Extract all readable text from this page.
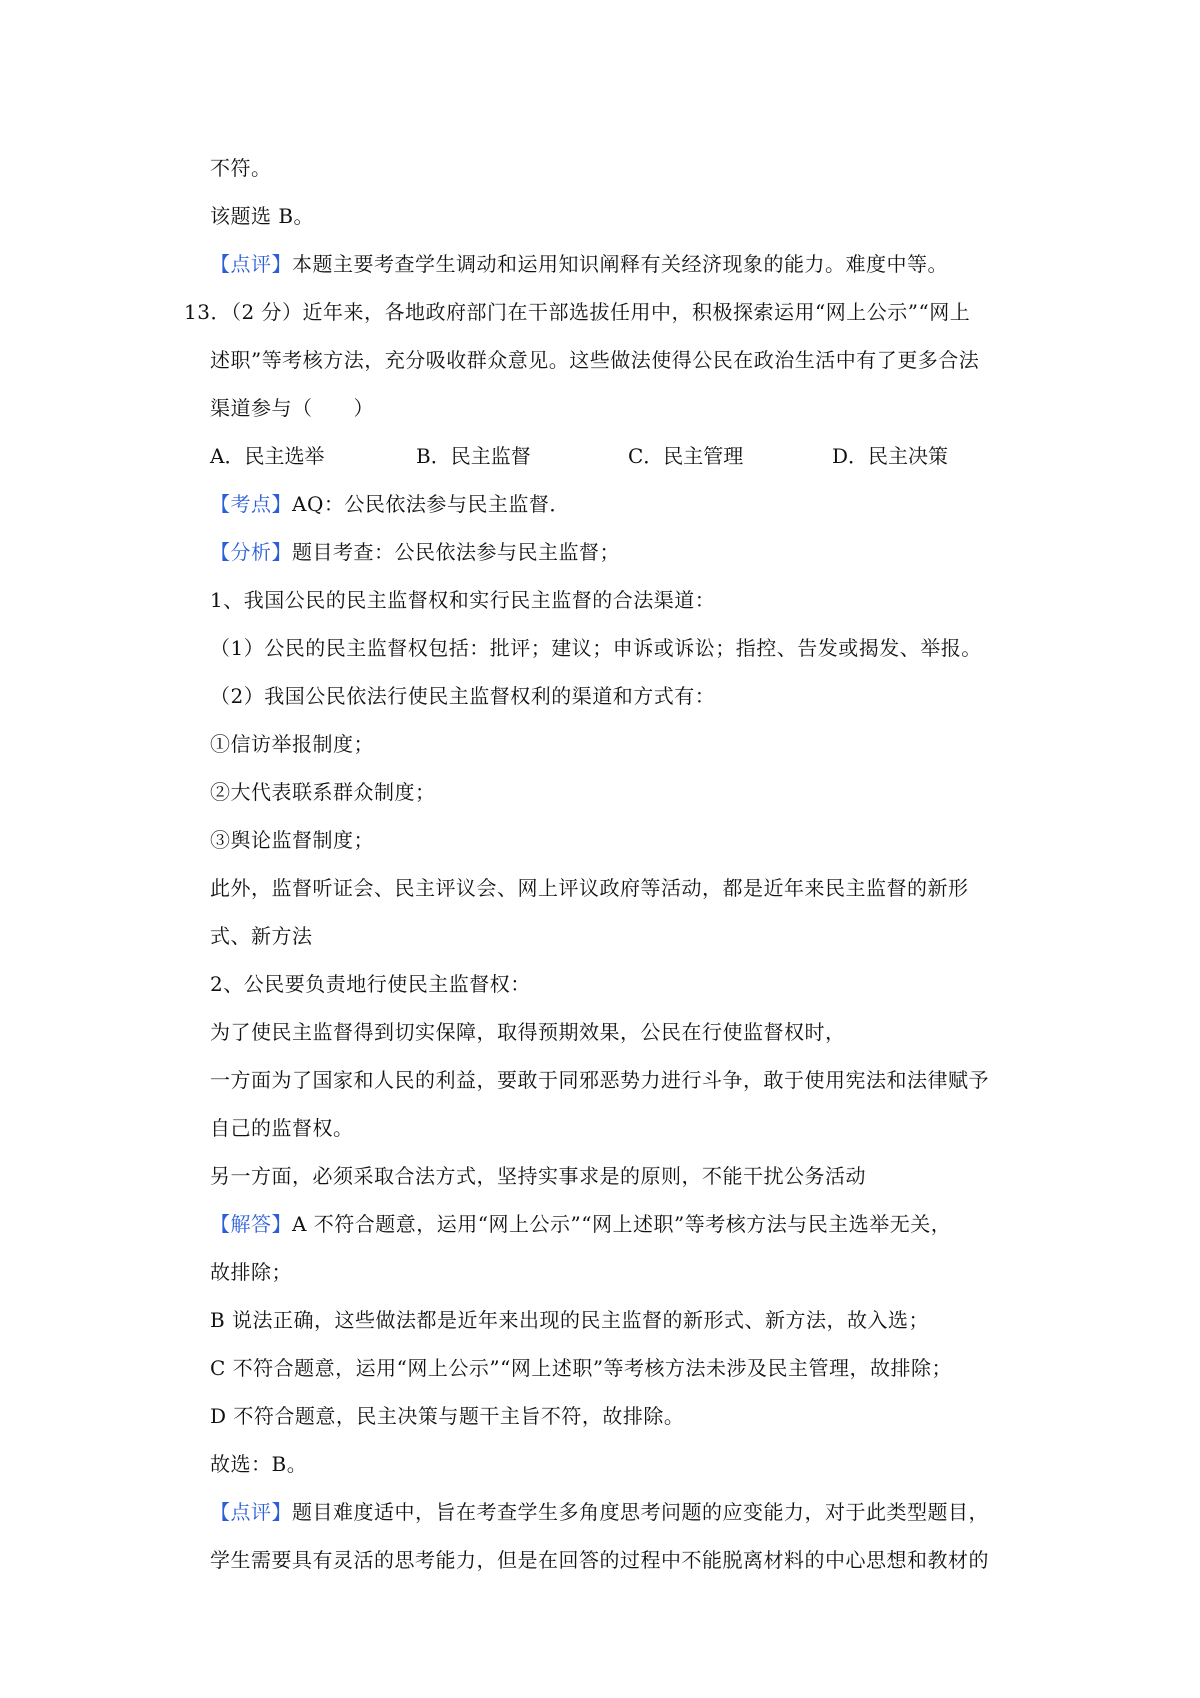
不符。
该题选 B。
【点评】本题主要考查学生调动和运用知识阐释有关经济现象的能力。难度中等。
13．（2 分）近年来，各地政府部门在干部选拔任用中，积极探索运用“网上公示”“网上
述职”等考核方法，充分吸收群众意见。这些做法使得公民在政治生活中有了更多合法
渠道参与（　　）
A．民主选举	B．民主监督	C．民主管理	D．民主决策
【考点】AQ：公民依法参与民主监督．
【分析】题目考查：公民依法参与民主监督；
1、我国公民的民主监督权和实行民主监督的合法渠道：
（1）公民的民主监督权包括：批评；建议；申诉或诉讼；指控、告发或揭发、举报。
（2）我国公民依法行使民主监督权利的渠道和方式有：
①信访举报制度；
②大代表联系群众制度；
③舆论监督制度；
此外，监督听证会、民主评议会、网上评议政府等活动，都是近年来民主监督的新形
式、新方法
2、公民要负责地行使民主监督权：
为了使民主监督得到切实保障，取得预期效果，公民在行使监督权时，
一方面为了国家和人民的利益，要敢于同邪恶势力进行斗争，敢于使用宪法和法律赋予
自己的监督权。
另一方面，必须采取合法方式，坚持实事求是的原则，不能干扰公务活动
【解答】A 不符合题意，运用“网上公示”“网上述职”等考核方法与民主选举无关，
故排除；
B 说法正确，这些做法都是近年来出现的民主监督的新形式、新方法，故入选；
C 不符合题意，运用“网上公示”“网上述职”等考核方法未涉及民主管理，故排除；
D 不符合题意，民主决策与题干主旨不符，故排除。
故选：B。
【点评】题目难度适中，旨在考查学生多角度思考问题的应变能力，对于此类型题目，
学生需要具有灵活的思考能力，但是在回答的过程中不能脱离材料的中心思想和教材的
